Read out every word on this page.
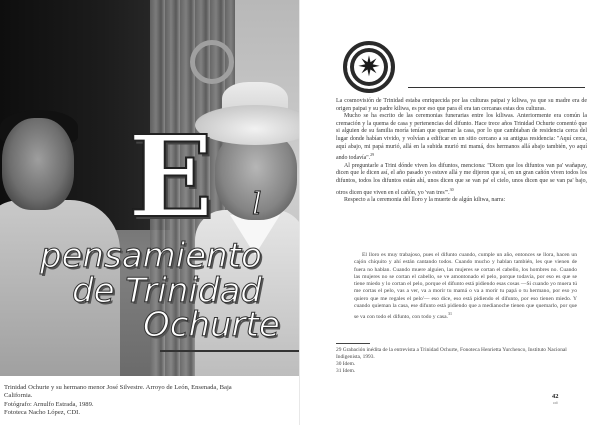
E l
pensamiento
de Trinidad
Ochurte
Trinidad Ochurte y su hermano menor José Silvestre. Arroyo de León, Ensenada, Baja
California.
Fotógrafo: Arnulfo Estrada, 1989.
Fototeca Nacho López, CDI.
✷

La cosmovisión de Trinidad estaba enriquecida por las culturas paipai y kiliwa, ya que su madre era de origen paipai y su padre kiliwa, es por eso que para él era tan cercanas estas dos culturas.

Mucho se ha escrito de las ceremonias funerarias entre los kiliwas. Anteriormente era común la cremación y la quema de casa y pertenencias del difunto. Hace trece años Trinidad Ochurte comentó que si alguien de su familia moría tenían que quemar la casa, por lo que cambiaban de residencia cerca del lugar donde habían vivido, y volvían a edificar en un sitio cercano a su antigua residencia: "Aquí cerca, aquí abajo, mi papá murió, allá en la subida murió mi mamá, dos hermanos allá abajo también, yo aquí ando todavía".$^{29}$

Al preguntarle a Trini dónde viven los difuntos, menciona: "Dicen que los difuntos van pa' wañapay, dicen que le dicen así, el año pasado yo estuve allá y me dijeron que sí, en un gran cañón viven todos los difuntos, todos los difuntos están ahí, unos dicen que se van pa' el cielo, unos dicen que se van pa' bajo, otros dicen que viven en el cañón, yo 'van tres'".$^{30}$

Respecto a la ceremonia del lloro y la muerte de algún kiliwa, narra:

El lloro es muy trabajoso, pues el difunto cuando, cumple un año, entonces se llora, hacen un cajón chiquito y ahí están cantando todos. Cuando mucho y hablan también, les que vienen de fuera no hablan. Cuando muere alguien, las mujeres se cortan el cabello, los hombres no. Cuando las mujeres no se cortan el cabello, se ve amontonado el pelo, porque todavía, por eso es que se tiene miedo y lo cortan el pelo, porque el difunto está pidiendo esas cosas —Si cuando yo muera tú me cortas el pelo, vas a ver, va a morir tu mamá o va a morir tu papá o tu hermano, por eso yo quiero que me regales el pelo'— eso dice, eso está pidiendo el difunto, por eso tienen miedo. Y cuando quieman la casa, ese difunto está pidiendo que a medianoche tienen que quemarlo, por que se va con todo el difunto, con todo y casa.$^{31}$

29 Grabación inédita de la entrevista a Trinidad Ochurte, Fonoteca Henrietta Yurchenco, Instituto Nacional Indigenista, 1993.
30 Idem.
31 Idem.
42
cdi
